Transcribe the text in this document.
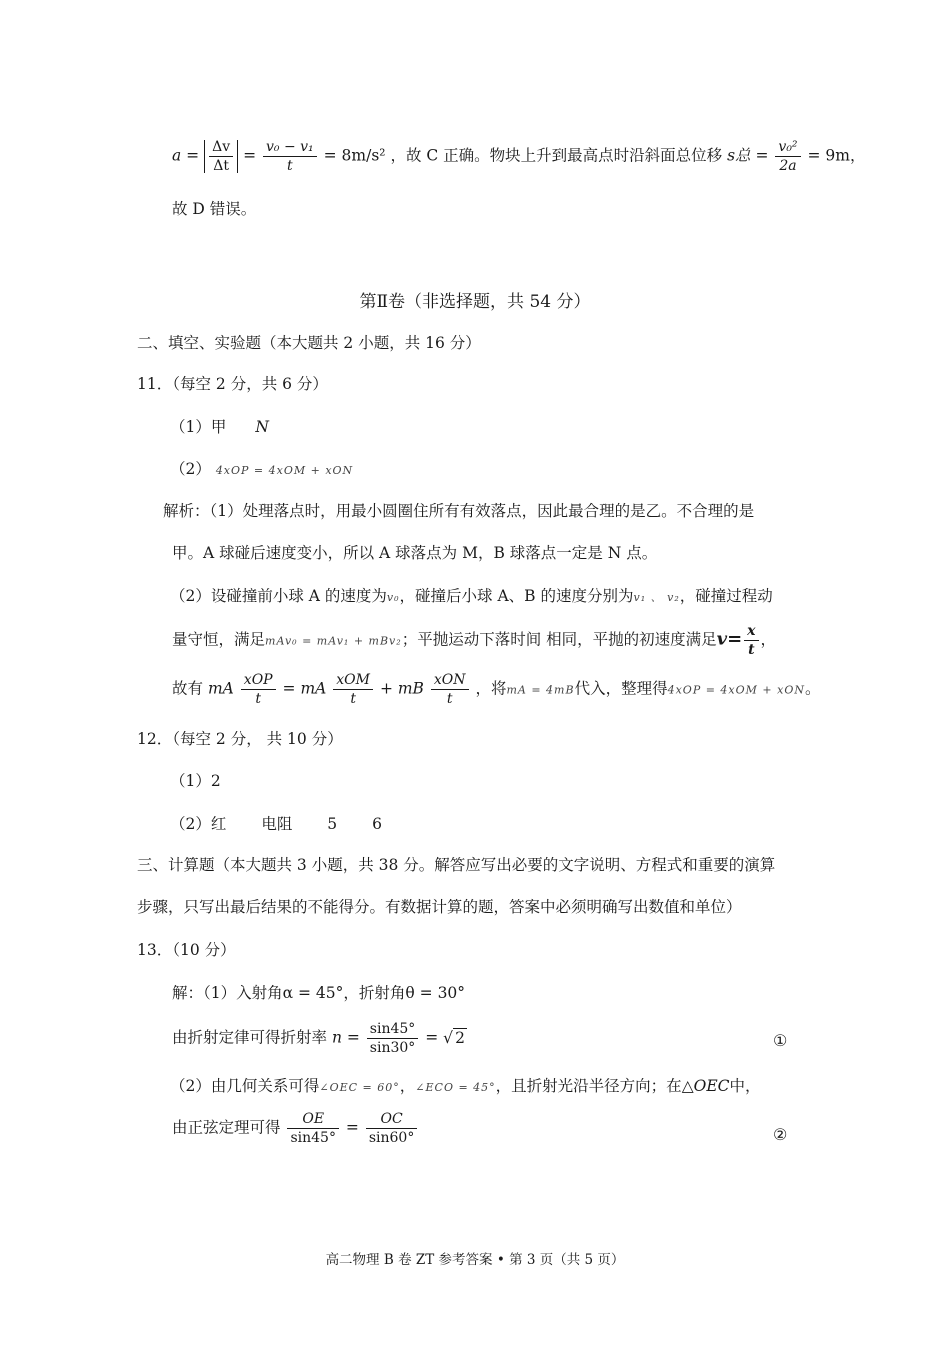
$a = \frac{\Delta v}{\Delta t} = \frac{\text{v₀ − v₁}}{t} = 8m/s^2$ ，故 C 正确。物块上升到最高点时沿斜面总位移 s总 = $\frac{\text{v₀²}}{2a} = 9m$，
故 D 错误。
第Ⅱ卷（非选择题，共 54 分）
二、填空、实验题（本大题共 2 小题，共 16 分）
11．（每空 2 分，共 6 分）
（1）甲 N
（2） 4xOP = 4xOM + xON
解析：（1）处理落点时，用最小圆圈住所有有效落点，因此最合理的是乙。不合理的是
甲。A 球碰后速度变小，所以 A 球落点为 M，B 球落点一定是 N 点。
（2）设碰撞前小球 A 的速度为v₀，碰撞后小球 A、B 的速度分别为v₁ 、 v₂，碰撞过程动
量守恒，满足mAv₀ = mAv₁ + mBv₂；平抛运动下落时间 相同，平抛的初速度满足$v= \frac{x}{t}$ ，
故有 mA $\frac{\text{xOP}}{t}$ = mA $\frac{\text{xOM}}{t}$ + mB $\frac{\text{xON}}{t}$ ，将mA = 4mB代入，整理得4xOP = 4xOM + xON。
12．（每空 2 分， 共 10 分）
（1）2
（2）红 电阻 5 6
三、计算题（本大题共 3 小题，共 38 分。解答应写出必要的文字说明、方程式和重要的演算
步骤，只写出最后结果的不能得分。有数据计算的题，答案中必须明确写出数值和单位）
13．（10 分）
解：（1）入射角α = 45°，折射角θ = 30°
由折射定律可得折射率 $n = \frac{\sin 45^\circ}{\sin 30^\circ}$ = √ 2	①
（2）由几何关系可得∠OEC = 60°，∠ECO = 45°，且折射光沿半径方向；在△OEC中，
由正弦定理可得 $\frac{OE}{\sin 45^\circ} = \frac{OC}{\sin 60^\circ}$	②
高二物理 B 卷 ZT 参考答案 • 第 3 页（共 5 页）
